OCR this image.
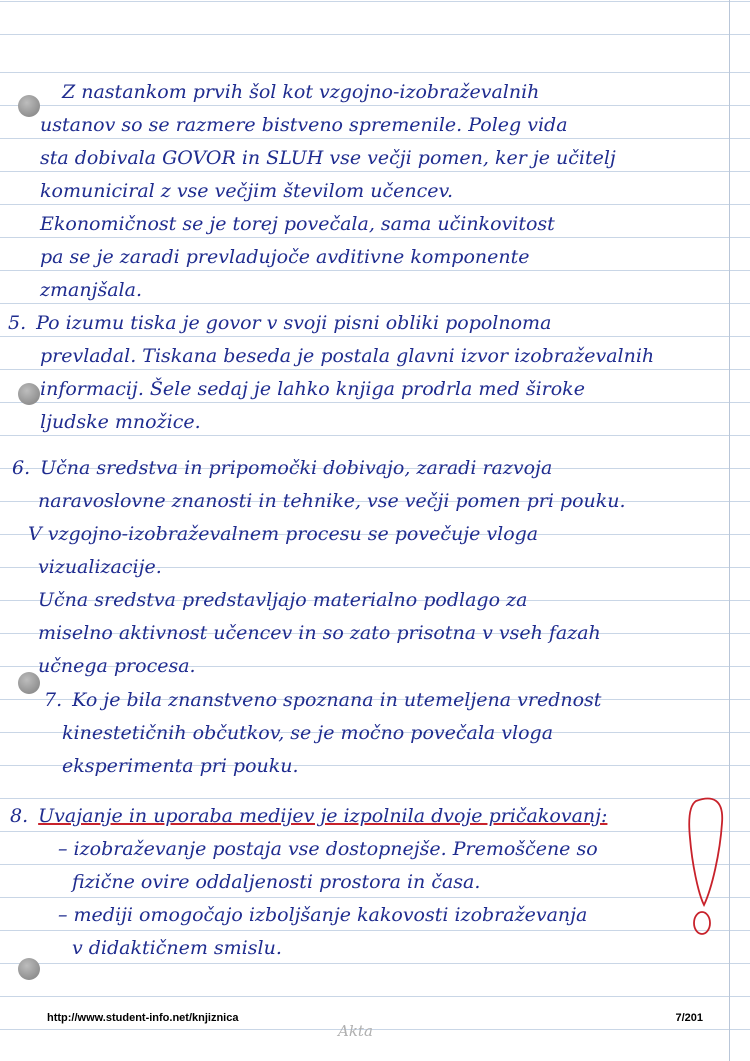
Z nastankom prvih šol kot vzgojno-izobraževalnih

ustanov so se razmere bistveno spremenile. Poleg vida

sta dobivala GOVOR in SLUH vse večji pomen, ker je učitelj

komuniciral z vse večjim številom učencev.

Ekonomičnost se je torej povečala, sama učinkovitost

pa se je zaradi prevladujoče avditivne komponente

zmanjšala.

5. Po izumu tiska je govor v svoji pisni obliki popolnoma

prevladal. Tiskana beseda je postala glavni izvor izobraževalnih

informacij. Šele sedaj je lahko knjiga prodrla med široke

ljudske množice.

6. Učna sredstva in pripomočki dobivajo, zaradi razvoja

naravoslovne znanosti in tehnike, vse večji pomen pri pouku.

V vzgojno-izobraževalnem procesu se povečuje vloga

vizualizacije.

Učna sredstva predstavljajo materialno podlago za

miselno aktivnost učencev in so zato prisotna v vseh fazah

učnega procesa.

7. Ko je bila znanstveno spoznana in utemeljena vrednost

kinestetičnih občutkov, se je močno povečala vloga

eksperimenta pri pouku.

8. Uvajanje in uporaba medijev je izpolnila dvoje pričakovanj:

– izobraževanje postaja vse dostopnejše. Premoščene so

fizične ovire oddaljenosti prostora in časa.

– mediji omogočajo izboljšanje kakovosti izobraževanja

v didaktičnem smislu.

http://www.student-info.net/knjiznica	7/201
Akta
